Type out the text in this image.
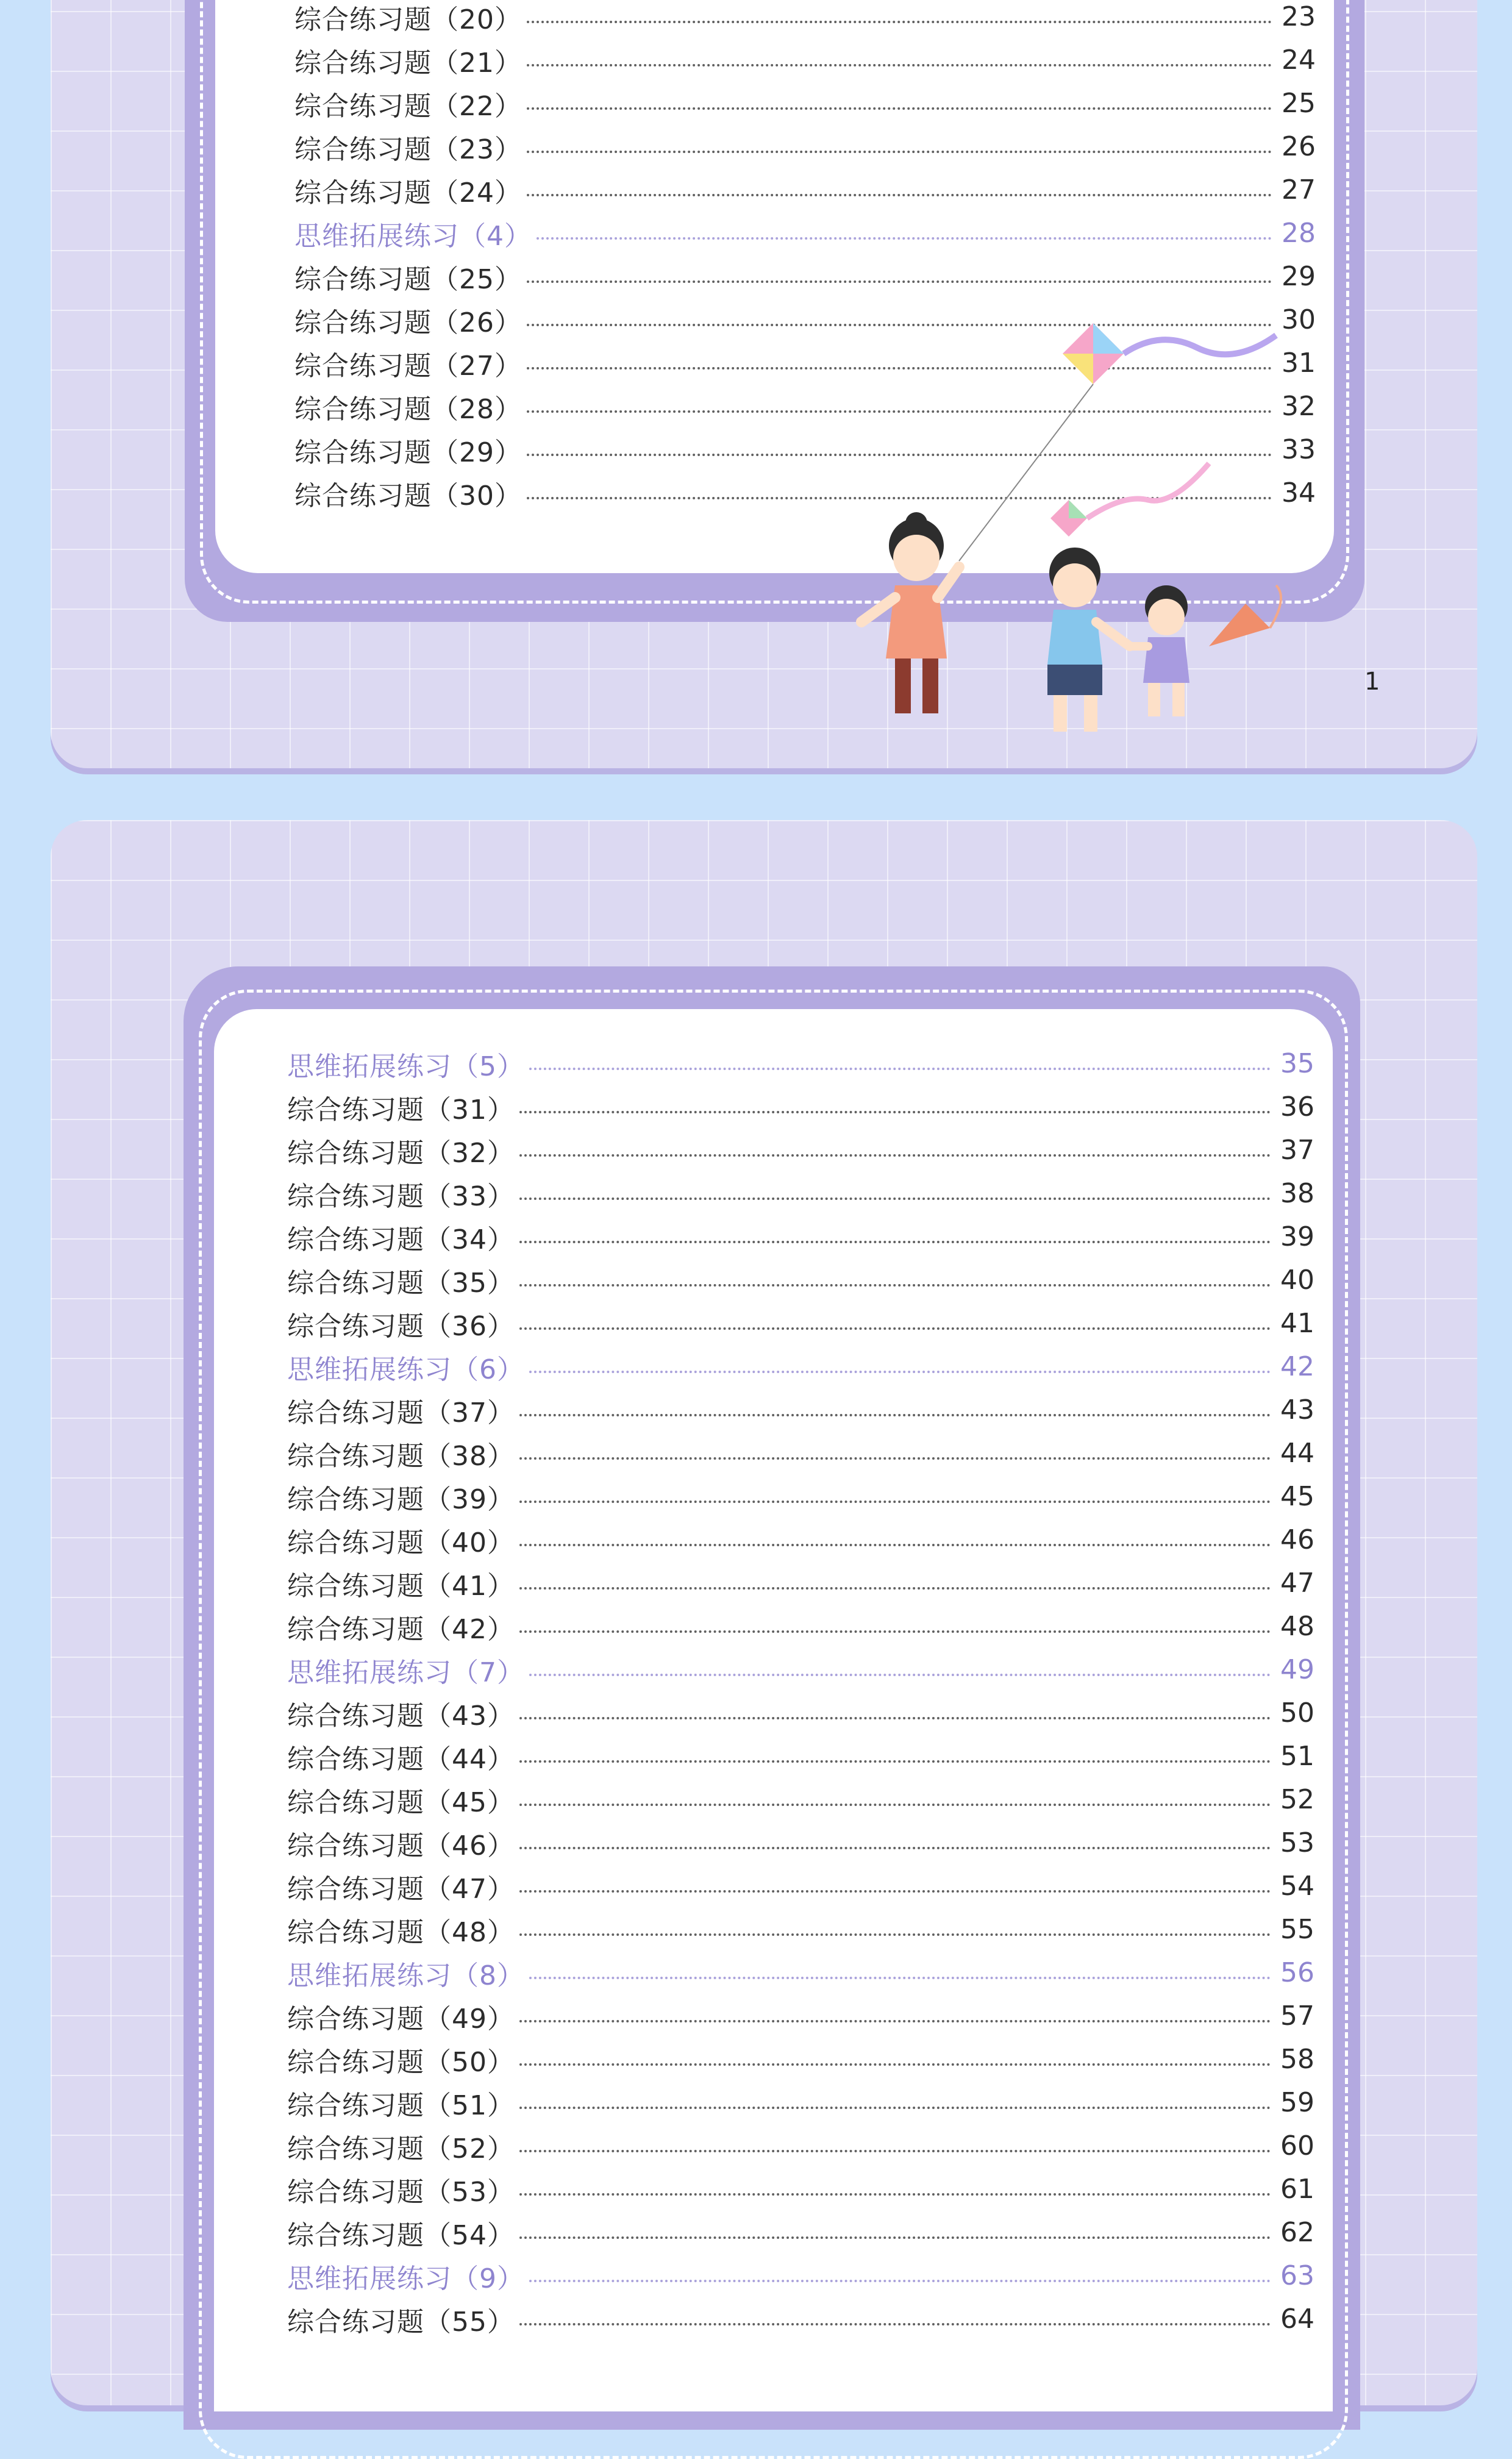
综合练习题（20）	23
综合练习题（21）	24
综合练习题（22）	25
综合练习题（23）	26
综合练习题（24）	27
思维拓展练习（4）	28
综合练习题（25）	29
综合练习题（26）	30
综合练习题（27）	31
综合练习题（28）	32
综合练习题（29）	33
综合练习题（30）	34
1
思维拓展练习（5）	35
综合练习题（31）	36
综合练习题（32）	37
综合练习题（33）	38
综合练习题（34）	39
综合练习题（35）	40
综合练习题（36）	41
思维拓展练习（6）	42
综合练习题（37）	43
综合练习题（38）	44
综合练习题（39）	45
综合练习题（40）	46
综合练习题（41）	47
综合练习题（42）	48
思维拓展练习（7）	49
综合练习题（43）	50
综合练习题（44）	51
综合练习题（45）	52
综合练习题（46）	53
综合练习题（47）	54
综合练习题（48）	55
思维拓展练习（8）	56
综合练习题（49）	57
综合练习题（50）	58
综合练习题（51）	59
综合练习题（52）	60
综合练习题（53）	61
综合练习题（54）	62
思维拓展练习（9）	63
综合练习题（55）	64
